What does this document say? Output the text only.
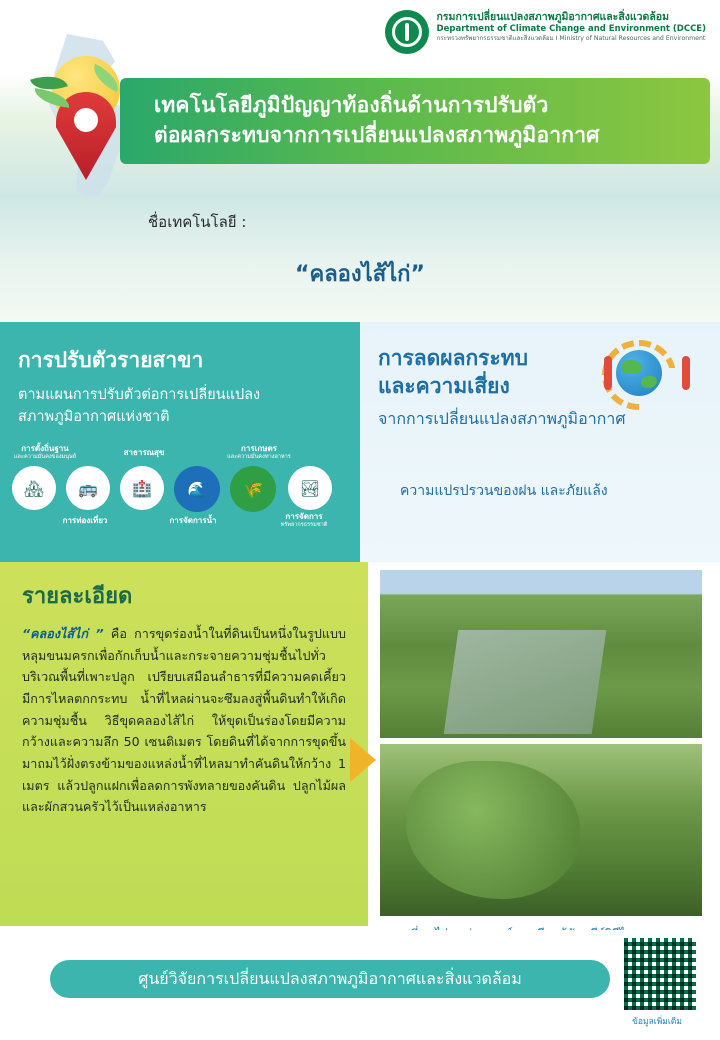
กรมการเปลี่ยนแปลงสภาพภูมิอากาศและสิ่งแวดล้อม
Department of Climate Change and Environment (DCCE)
กระทรวงทรัพยากรธรรมชาติและสิ่งแวดล้อม I Ministry of Natural Resources and Environment
เทคโนโลยีภูมิปัญญาท้องถิ่นด้านการปรับตัว
ต่อผลกระทบจากการเปลี่ยนแปลงสภาพภูมิอากาศ
ชื่อเทคโนโลยี :
“คลองไส้ไก่”
การปรับตัวรายสาขา
ตามแผนการปรับตัวต่อการเปลี่ยนแปลง
สภาพภูมิอากาศแห่งชาติ
การตั้งถิ่นฐาน
และความมั่นคงของมนุษย์	สาธารณสุข	การเกษตร
และความมั่นคงทางอาหาร
🏘	🚌	🏥	🌊	🌾	🏞
การท่องเที่ยว	การจัดการน้ำ	การจัดการ
ทรัพยากรธรรมชาติ
การลดผลกระทบ
และความเสี่ยง
จากการเปลี่ยนแปลงสภาพภูมิอากาศ
ความแปรปรวนของฝน และภัยแล้ง
รายละเอียด
“คลองไส้ไก่ ” คือ การขุดร่องน้ำในที่ดินเป็นหนึ่งในรูปแบบหลุมขนมครกเพื่อกักเก็บน้ำและกระจายความชุ่มชื้นไปทั่วบริเวณพื้นที่เพาะปลูก เปรียบเสมือนลำธารที่มีความคดเคี้ยว มีการไหลตกกระทบ น้ำที่ไหลผ่านจะซึมลงสู่พื้นดินทำให้เกิดความชุ่มชื้น วิธีขุดคลองไส้ไก่ ให้ขุดเป็นร่องโดยมีความกว้างและความลึก 50 เซนติเมตร โดยดินที่ได้จากการขุดขึ้นมาถมไว้ฝั่งตรงข้ามของแหล่งน้ำที่ไหลมาทำคันดินให้กว้าง 1 เมตร แล้วปลูกแฝกเพื่อลดการพังทลายของคันดิน ปลูกไม้ผล และผักสวนครัวไว้เป็นแหล่งอาหาร
ศูนย์วิจัยการเปลี่ยนแปลงสภาพภูมิอากาศและสิ่งแวดล้อม
ข้อมูลเพิ่มเติม
